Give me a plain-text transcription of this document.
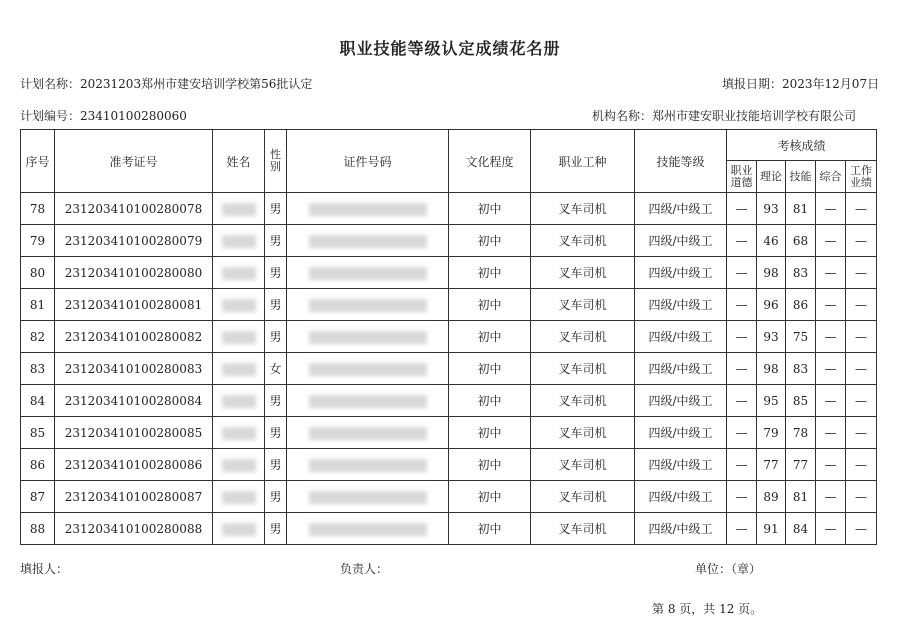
职业技能等级认定成绩花名册
计划名称：20231203郑州市建安培训学校第56批认定	填报日期：2023年12月07日
计划编号：23410100280060	机构名称：郑州市建安职业技能培训学校有限公司
序号	准考证号	姓名	性别	证件号码	文化程度	职业工种	技能等级	考核成绩				
								职业道德	理论	技能	综合	工作业绩
78	231203410100280078		男		初中	叉车司机	四级/中级工	—	93	81	—	—
79	231203410100280079		男		初中	叉车司机	四级/中级工	—	46	68	—	—
80	231203410100280080		男		初中	叉车司机	四级/中级工	—	98	83	—	—
81	231203410100280081		男		初中	叉车司机	四级/中级工	—	96	86	—	—
82	231203410100280082		男		初中	叉车司机	四级/中级工	—	93	75	—	—
83	231203410100280083		女		初中	叉车司机	四级/中级工	—	98	83	—	—
84	231203410100280084		男		初中	叉车司机	四级/中级工	—	95	85	—	—
85	231203410100280085		男		初中	叉车司机	四级/中级工	—	79	78	—	—
86	231203410100280086		男		初中	叉车司机	四级/中级工	—	77	77	—	—
87	231203410100280087		男		初中	叉车司机	四级/中级工	—	89	81	—	—
88	231203410100280088		男		初中	叉车司机	四级/中级工	—	91	84	—	—
填报人：	负责人：	单位：（章）
第 8 页，共 12 页。
